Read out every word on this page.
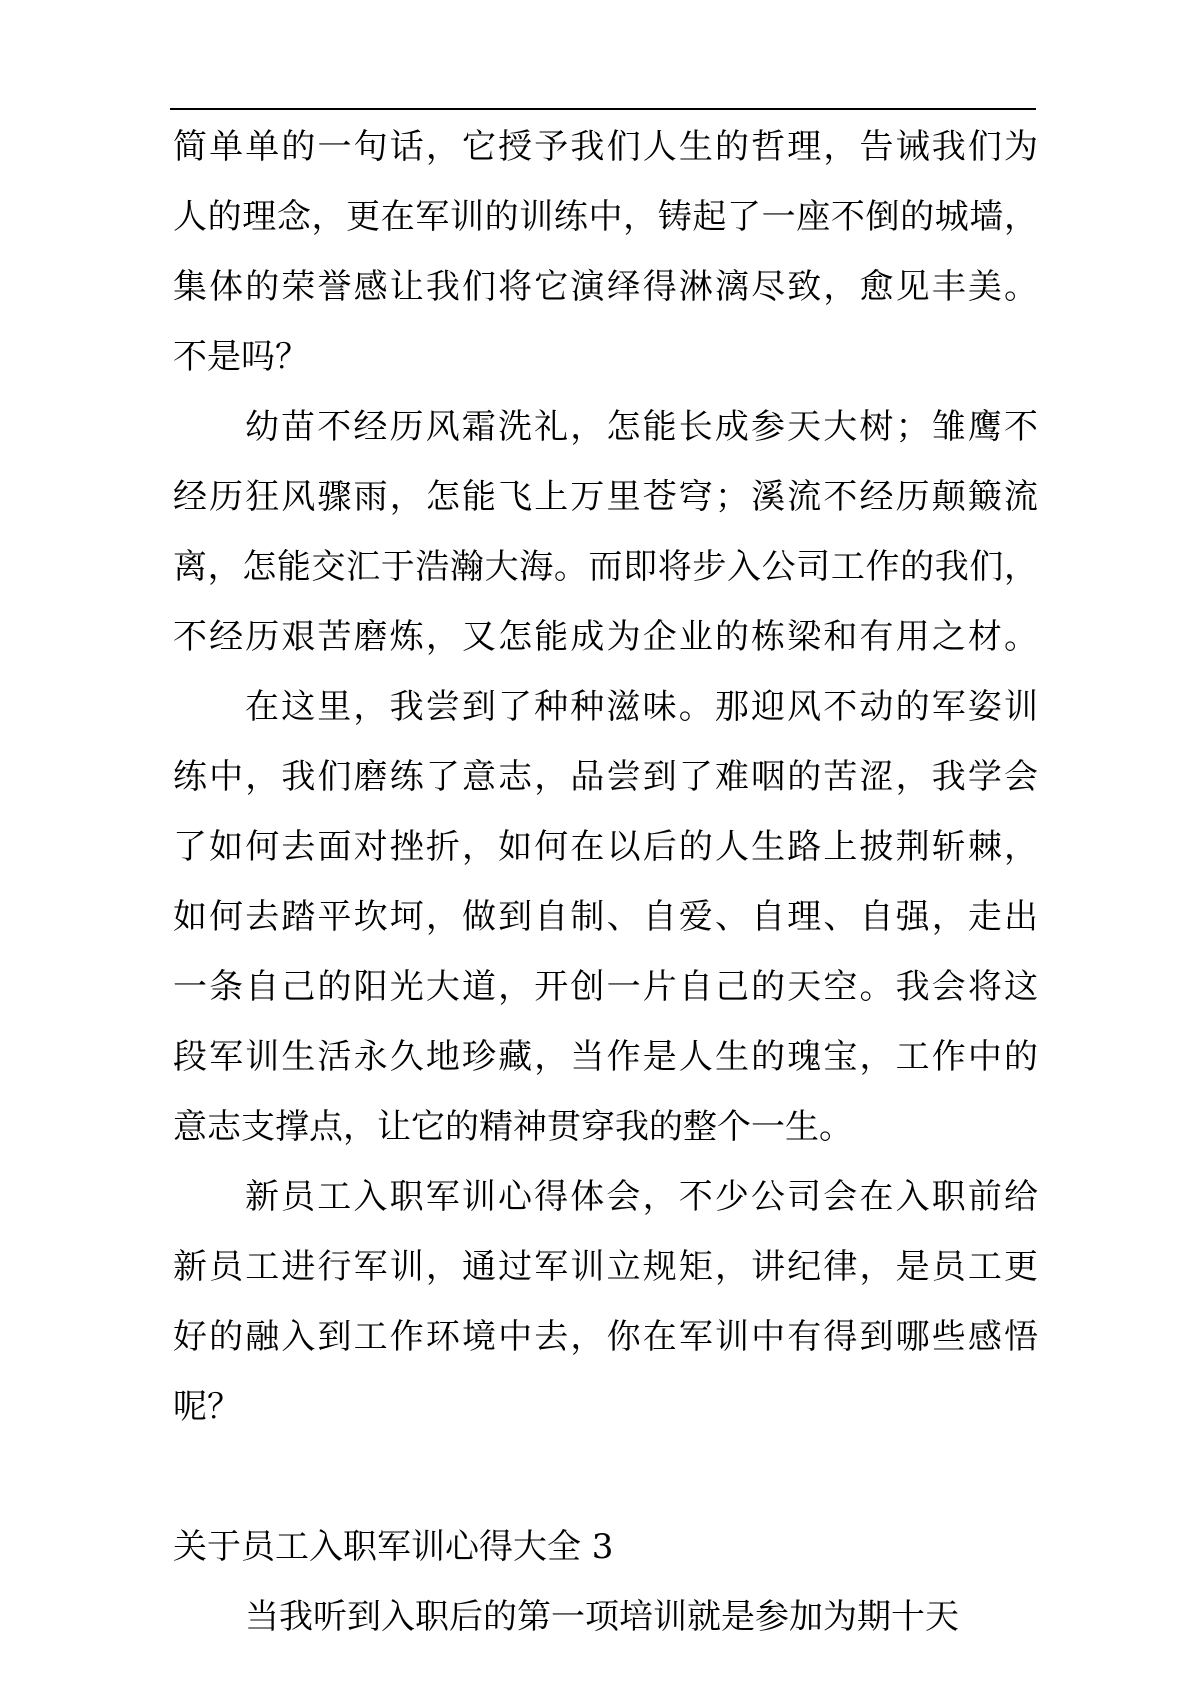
简单单的一句话，它授予我们人生的哲理，告诫我们为
人的理念，更在军训的训练中，铸起了一座不倒的城墙，
集体的荣誉感让我们将它演绎得淋漓尽致，愈见丰美。
不是吗？
幼苗不经历风霜洗礼，怎能长成参天大树；雏鹰不
经历狂风骤雨，怎能飞上万里苍穹；溪流不经历颠簸流
离，怎能交汇于浩瀚大海。而即将步入公司工作的我们，
不经历艰苦磨炼，又怎能成为企业的栋梁和有用之材。
在这里，我尝到了种种滋味。那迎风不动的军姿训
练中，我们磨练了意志，品尝到了难咽的苦涩，我学会
了如何去面对挫折，如何在以后的人生路上披荆斩棘，
如何去踏平坎坷，做到自制、自爱、自理、自强，走出
一条自己的阳光大道，开创一片自己的天空。我会将这
段军训生活永久地珍藏，当作是人生的瑰宝，工作中的
意志支撑点，让它的精神贯穿我的整个一生。
新员工入职军训心得体会，不少公司会在入职前给
新员工进行军训，通过军训立规矩，讲纪律，是员工更
好的融入到工作环境中去，你在军训中有得到哪些感悟
呢？
关于员工入职军训心得大全 3
当我听到入职后的第一项培训就是参加为期十天
